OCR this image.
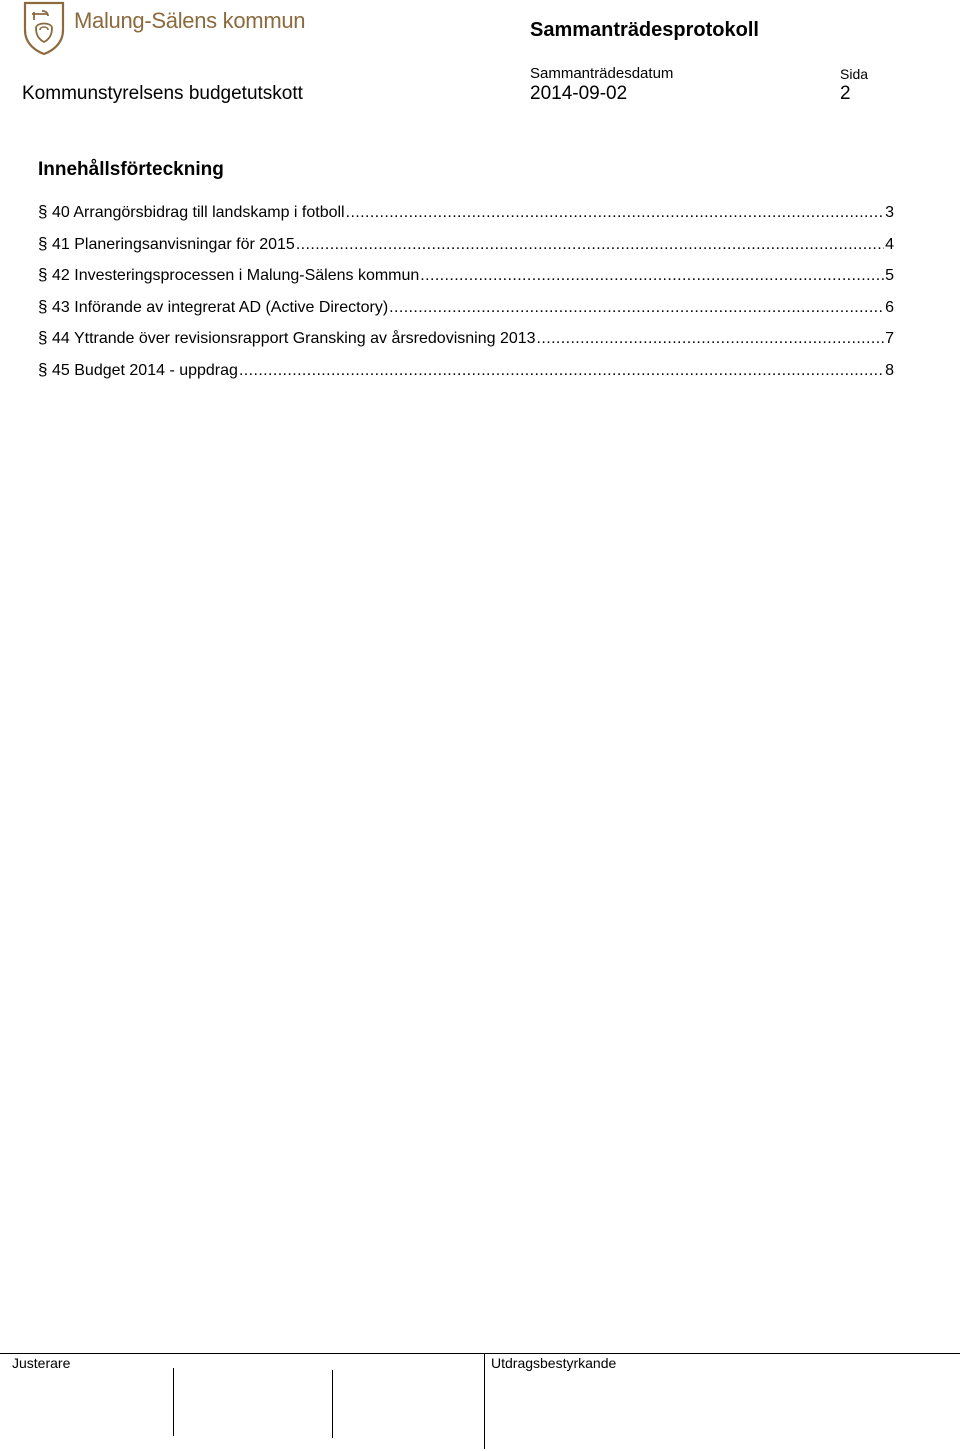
Malung-Sälens kommun	Sammanträdesprotokoll
Kommunstyrelsens budgetutskott
Sammanträdesdatum
2014-09-02
Sida
2
Innehållsförteckning
§ 40 Arrangörsbidrag till landskamp i fotboll .....	3
§ 41 Planeringsanvisningar för 2015 .....	4
§ 42 Investeringsprocessen i Malung-Sälens kommun .....	5
§ 43 Införande av integrerat AD (Active Directory) .....	6
§ 44 Yttrande över revisionsrapport Gransking av årsredovisning 2013 .....	7
§ 45 Budget 2014 - uppdrag .....	8
Justerare	Utdragsbestyrkande
